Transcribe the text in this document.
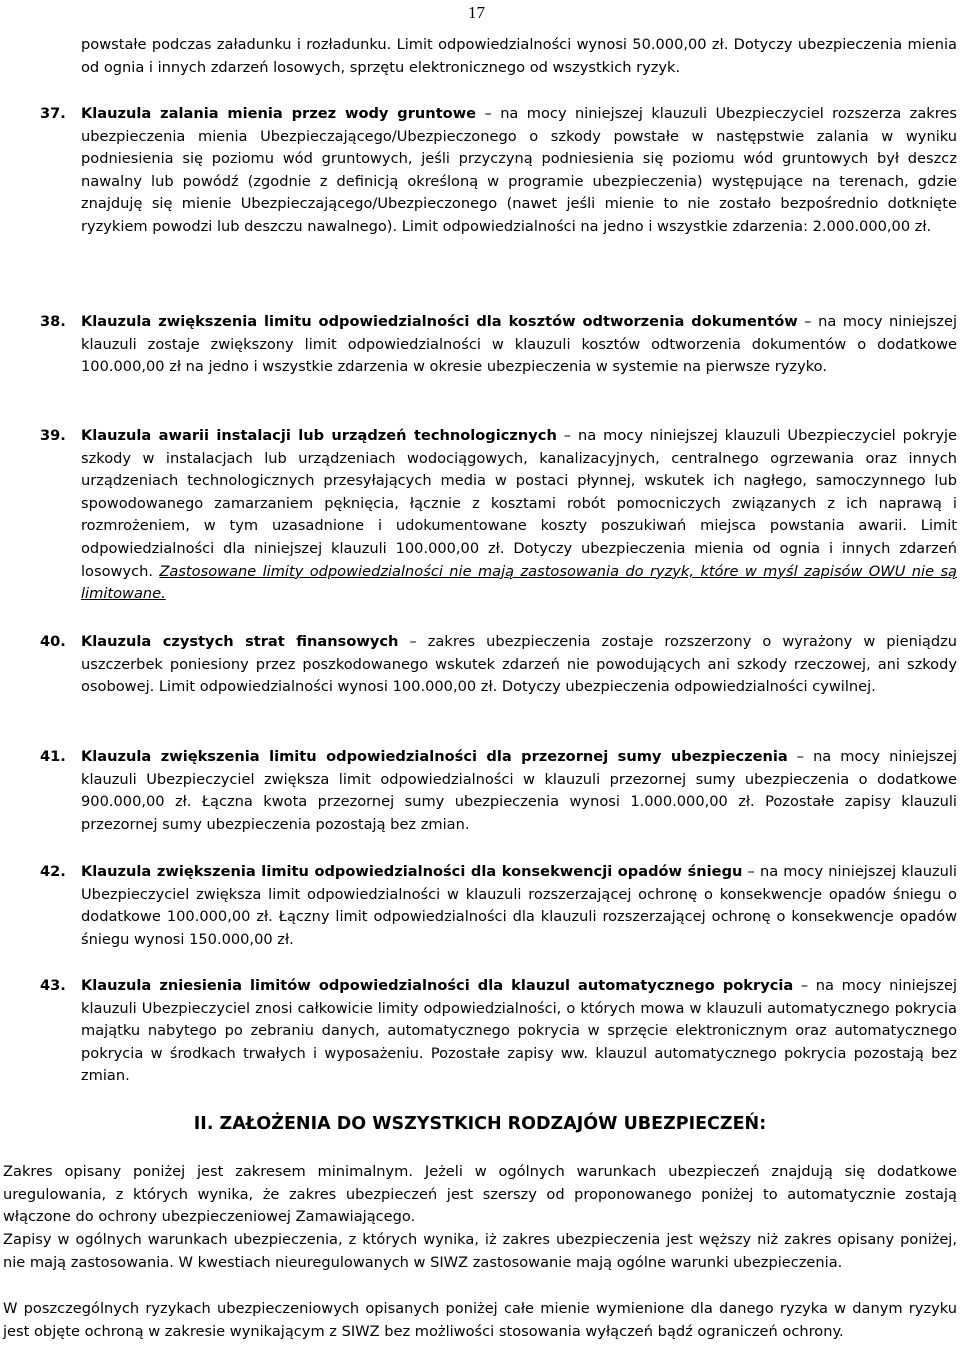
17
powstałe podczas załadunku i rozładunku. Limit odpowiedzialności wynosi 50.000,00 zł. Dotyczy ubezpieczenia mienia od ognia i innych zdarzeń losowych, sprzętu elektronicznego od wszystkich ryzyk.
37. Klauzula zalania mienia przez wody gruntowe – na mocy niniejszej klauzuli Ubezpieczyciel rozszerza zakres ubezpieczenia mienia Ubezpieczającego/Ubezpieczonego o szkody powstałe w następstwie zalania w wyniku podniesienia się poziomu wód gruntowych, jeśli przyczyną podniesienia się poziomu wód gruntowych był deszcz nawalny lub powódź (zgodnie z definicją określoną w programie ubezpieczenia) występujące na terenach, gdzie znajduję się mienie Ubezpieczającego/Ubezpieczonego (nawet jeśli mienie to nie zostało bezpośrednio dotknięte ryzykiem powodzi lub deszczu nawalnego). Limit odpowiedzialności na jedno i wszystkie zdarzenia: 2.000.000,00 zł.
38. Klauzula zwiększenia limitu odpowiedzialności dla kosztów odtworzenia dokumentów – na mocy niniejszej klauzuli zostaje zwiększony limit odpowiedzialności w klauzuli kosztów odtworzenia dokumentów o dodatkowe 100.000,00 zł na jedno i wszystkie zdarzenia w okresie ubezpieczenia w systemie na pierwsze ryzyko.
39. Klauzula awarii instalacji lub urządzeń technologicznych – na mocy niniejszej klauzuli Ubezpieczyciel pokryje szkody w instalacjach lub urządzeniach wodociągowych, kanalizacyjnych, centralnego ogrzewania oraz innych urządzeniach technologicznych przesyłających media w postaci płynnej, wskutek ich nagłego, samoczynnego lub spowodowanego zamarzaniem pęknięcia, łącznie z kosztami robót pomocniczych związanych z ich naprawą i rozmrożeniem, w tym uzasadnione i udokumentowane koszty poszukiwań miejsca powstania awarii. Limit odpowiedzialności dla niniejszej klauzuli 100.000,00 zł. Dotyczy ubezpieczenia mienia od ognia i innych zdarzeń losowych. Zastosowane limity odpowiedzialności nie mają zastosowania do ryzyk, które w myśl zapisów OWU nie są limitowane.
40. Klauzula czystych strat finansowych – zakres ubezpieczenia zostaje rozszerzony o wyrażony w pieniądzu uszczerbek poniesiony przez poszkodowanego wskutek zdarzeń nie powodujących ani szkody rzeczowej, ani szkody osobowej. Limit odpowiedzialności wynosi 100.000,00 zł. Dotyczy ubezpieczenia odpowiedzialności cywilnej.
41. Klauzula zwiększenia limitu odpowiedzialności dla przezornej sumy ubezpieczenia – na mocy niniejszej klauzuli Ubezpieczyciel zwiększa limit odpowiedzialności w klauzuli przezornej sumy ubezpieczenia o dodatkowe 900.000,00 zł. Łączna kwota przezornej sumy ubezpieczenia wynosi 1.000.000,00 zł. Pozostałe zapisy klauzuli przezornej sumy ubezpieczenia pozostają bez zmian.
42. Klauzula zwiększenia limitu odpowiedzialności dla konsekwencji opadów śniegu – na mocy niniejszej klauzuli Ubezpieczyciel zwiększa limit odpowiedzialności w klauzuli rozszerzającej ochronę o konsekwencje opadów śniegu o dodatkowe 100.000,00 zł. Łączny limit odpowiedzialności dla klauzuli rozszerzającej ochronę o konsekwencje opadów śniegu wynosi 150.000,00 zł.
43. Klauzula zniesienia limitów odpowiedzialności dla klauzul automatycznego pokrycia – na mocy niniejszej klauzuli Ubezpieczyciel znosi całkowicie limity odpowiedzialności, o których mowa w klauzuli automatycznego pokrycia majątku nabytego po zebraniu danych, automatycznego pokrycia w sprzęcie elektronicznym oraz automatycznego pokrycia w środkach trwałych i wyposażeniu. Pozostałe zapisy ww. klauzul automatycznego pokrycia pozostają bez zmian.
II. ZAŁOŻENIA DO WSZYSTKICH RODZAJÓW UBEZPIECZEŃ:
Zakres opisany poniżej jest zakresem minimalnym. Jeżeli w ogólnych warunkach ubezpieczeń znajdują się dodatkowe uregulowania, z których wynika, że zakres ubezpieczeń jest szerszy od proponowanego poniżej to automatycznie zostają włączone do ochrony ubezpieczeniowej Zamawiającego.
Zapisy w ogólnych warunkach ubezpieczenia, z których wynika, iż zakres ubezpieczenia jest węższy niż zakres opisany poniżej, nie mają zastosowania. W kwestiach nieuregulowanych w SIWZ zastosowanie mają ogólne warunki ubezpieczenia.
W poszczególnych ryzykach ubezpieczeniowych opisanych poniżej całe mienie wymienione dla danego ryzyka w danym ryzyku jest objęte ochroną w zakresie wynikającym z SIWZ bez możliwości stosowania wyłączeń bądź ograniczeń ochrony.
